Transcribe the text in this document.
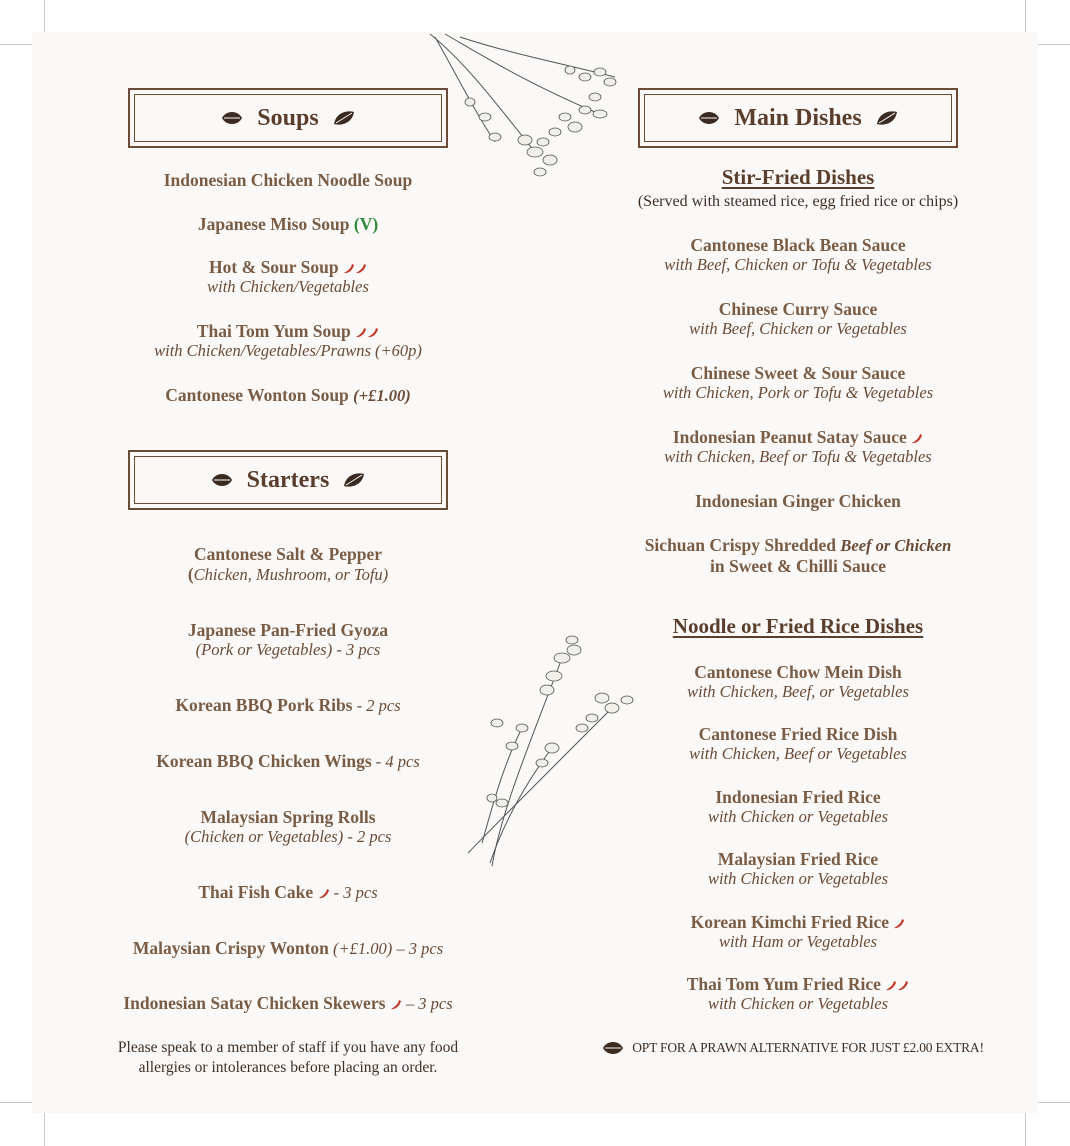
Soups
Indonesian Chicken Noodle Soup
Japanese Miso Soup (V)
Hot & Sour Soup
with Chicken/Vegetables
Thai Tom Yum Soup
with Chicken/Vegetables/Prawns (+60p)
Cantonese Wonton Soup (+£1.00)
Starters
Cantonese Salt & Pepper
(Chicken, Mushroom, or Tofu)
Japanese Pan-Fried Gyoza
(Pork or Vegetables) - 3 pcs
Korean BBQ Pork Ribs - 2 pcs
Korean BBQ Chicken Wings - 4 pcs
Malaysian Spring Rolls
(Chicken or Vegetables) - 2 pcs
Thai Fish Cake  - 3 pcs
Malaysian Crispy Wonton (+£1.00) – 3 pcs
Indonesian Satay Chicken Skewers  – 3 pcs
Please speak to a member of staff if you have any food
allergies or intolerances before placing an order.
Main Dishes
Stir-Fried Dishes
(Served with steamed rice, egg fried rice or chips)
Cantonese Black Bean Sauce
with Beef, Chicken or Tofu & Vegetables
Chinese Curry Sauce
with Beef, Chicken or Vegetables
Chinese Sweet & Sour Sauce
with Chicken, Pork or Tofu & Vegetables
Indonesian Peanut Satay Sauce
with Chicken, Beef or Tofu & Vegetables
Indonesian Ginger Chicken
Sichuan Crispy Shredded Beef or Chicken
in Sweet & Chilli Sauce
Noodle or Fried Rice Dishes
Cantonese Chow Mein Dish
with Chicken, Beef, or Vegetables
Cantonese Fried Rice Dish
with Chicken, Beef or Vegetables
Indonesian Fried Rice
with Chicken or Vegetables
Malaysian Fried Rice
with Chicken or Vegetables
Korean Kimchi Fried Rice
with Ham or Vegetables
Thai Tom Yum Fried Rice
with Chicken or Vegetables
OPT FOR A PRAWN ALTERNATIVE FOR JUST £2.00 EXTRA!
